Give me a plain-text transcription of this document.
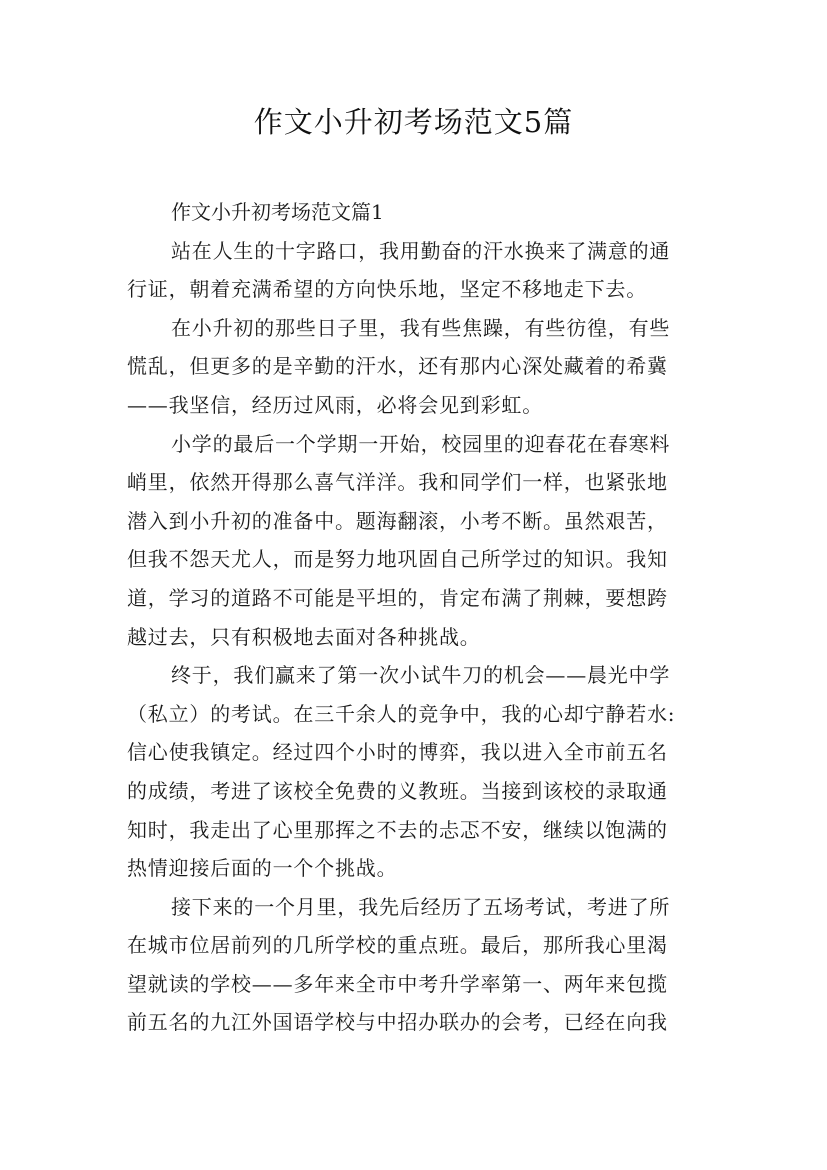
作文小升初考场范文5篇

作文小升初考场范文篇1

站在人生的十字路口，我用勤奋的汗水换来了满意的通
行证，朝着充满希望的方向快乐地，坚定不移地走下去。

在小升初的那些日子里，我有些焦躁，有些彷徨，有些
慌乱，但更多的是辛勤的汗水，还有那内心深处藏着的希冀
——我坚信，经历过风雨，必将会见到彩虹。

小学的最后一个学期一开始，校园里的迎春花在春寒料
峭里，依然开得那么喜气洋洋。我和同学们一样，也紧张地
潜入到小升初的准备中。题海翻滚，小考不断。虽然艰苦，
但我不怨天尤人，而是努力地巩固自己所学过的知识。我知
道，学习的道路不可能是平坦的，肯定布满了荆棘，要想跨
越过去，只有积极地去面对各种挑战。

终于，我们赢来了第一次小试牛刀的机会——晨光中学
（私立）的考试。在三千余人的竞争中，我的心却宁静若水:
信心使我镇定。经过四个小时的博弈，我以进入全市前五名
的成绩，考进了该校全免费的义教班。当接到该校的录取通
知时，我走出了心里那挥之不去的忐忑不安，继续以饱满的
热情迎接后面的一个个挑战。

接下来的一个月里，我先后经历了五场考试，考进了所
在城市位居前列的几所学校的重点班。最后，那所我心里渴
望就读的学校——多年来全市中考升学率第一、两年来包揽
前五名的九江外国语学校与中招办联办的会考，已经在向我
